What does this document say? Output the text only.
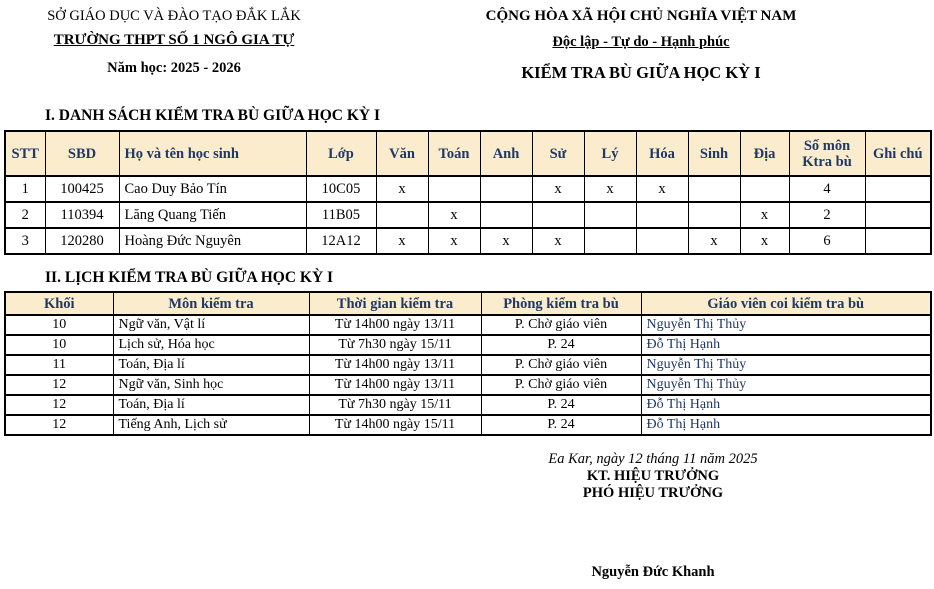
SỞ GIÁO DỤC VÀ ĐÀO TẠO ĐẮK LẮK
TRƯỜNG THPT SỐ 1 NGÔ GIA TỰ
Năm học: 2025 - 2026
CỘNG HÒA XÃ HỘI CHỦ NGHĨA VIỆT NAM
Độc lập - Tự do - Hạnh phúc
KIỂM TRA BÙ GIỮA HỌC KỲ I
I. DANH SÁCH KIỂM TRA BÙ GIỮA HỌC KỲ I
STT	SBD	Họ và tên học sinh	Lớp	Văn	Toán	Anh	Sử	Lý	Hóa	Sinh	Địa	Số môn Ktra bù	Ghi chú
1	100425	Cao Duy Bảo Tín	10C05	x			x	x	x			4	
2	110394	Lăng Quang Tiến	11B05		x						x	2	
3	120280	Hoàng Đức Nguyên	12A12	x	x	x	x			x	x	6	
II. LỊCH KIỂM TRA BÙ GIỮA HỌC KỲ I
Khối	Môn kiểm tra	Thời gian kiểm tra	Phòng kiểm tra bù	Giáo viên coi kiểm tra bù
10	Ngữ văn, Vật lí	Từ 14h00 ngày 13/11	P. Chờ giáo viên	Nguyễn Thị Thủy
10	Lịch sử, Hóa học	Từ 7h30 ngày 15/11	P. 24	Đỗ Thị Hạnh
11	Toán, Địa lí	Từ 14h00 ngày 13/11	P. Chờ giáo viên	Nguyễn Thị Thủy
12	Ngữ văn, Sinh học	Từ 14h00 ngày 13/11	P. Chờ giáo viên	Nguyễn Thị Thủy
12	Toán, Địa lí	Từ 7h30 ngày 15/11	P. 24	Đỗ Thị Hạnh
12	Tiếng Anh, Lịch sử	Từ 14h00 ngày 15/11	P. 24	Đỗ Thị Hạnh
Ea Kar, ngày 12 tháng 11 năm 2025
KT. HIỆU TRƯỞNG
PHÓ HIỆU TRƯỞNG
Nguyễn Đức Khanh
